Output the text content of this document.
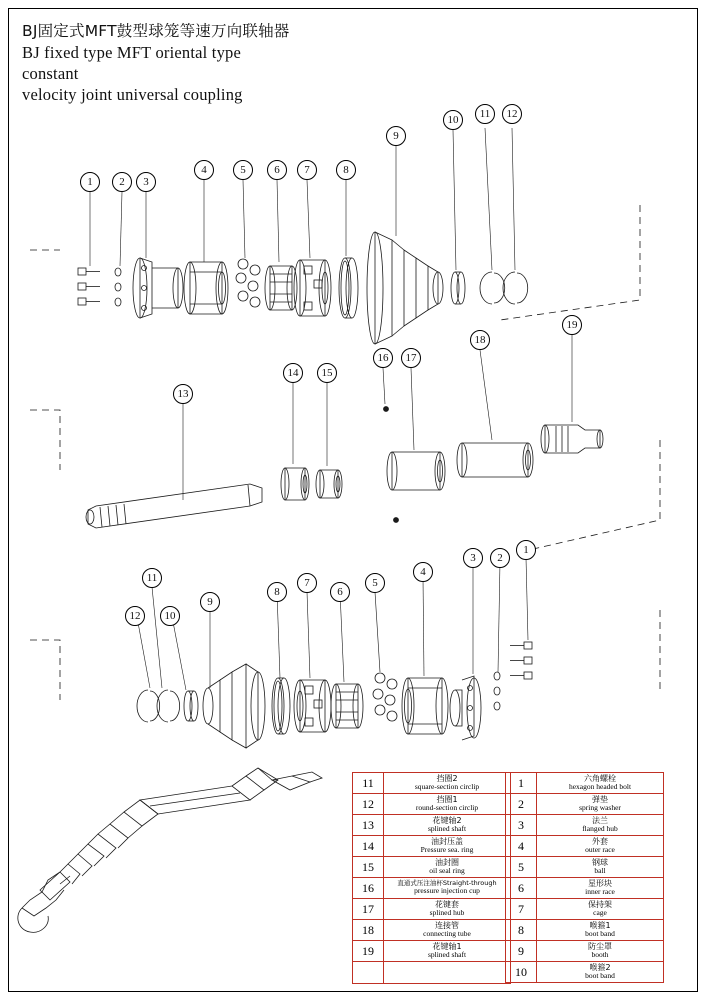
BJ固定式MFT鼓型球笼等速万向联轴器
BJ fixed type MFT oriental type
constant
velocity joint universal coupling
1	2	3
4	5	6	7	8
9
10	11	12
13
14	15
16	17
18
19
12
11
10
9
8
7
6
5
4
3	2
1
11	挡圈2
square-section circlip

12	挡圈1
round-section circlip

13	花键轴2
splined shaft

14	油封压盖
Pressure sea. ring

15	油封圈
oil seal ring

16	直通式压注油杯Straight-through
pressure injection cup

17	花键套
splined hub

18	连接管
connecting tube

19	花键轴1
splined shaft

1	六角螺栓
hexagon headed bolt

2	弹垫
spring washer

3	法兰
flanged hub

4	外套
outer race

5	钢球
ball

6	星形块
inner race

7	保持架
cage

8	喉箍1
boot band

9	防尘罩
booth

10	喉箍2
boot band
